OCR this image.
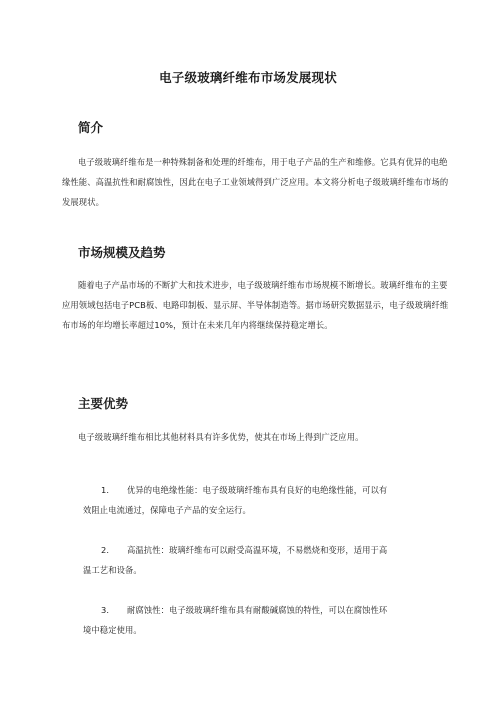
电子级玻璃纤维布市场发展现状
简介

电子级玻璃纤维布是一种特殊制备和处理的纤维布，用于电子产品的生产和维修。它具有优异的电绝缘性能、高温抗性和耐腐蚀性，因此在电子工业领域得到广泛应用。本文将分析电子级玻璃纤维布市场的发展现状。

市场规模及趋势

随着电子产品市场的不断扩大和技术进步，电子级玻璃纤维布市场规模不断增长。玻璃纤维布的主要应用领域包括电子PCB板、电路印制板、显示屏、半导体制造等。据市场研究数据显示，电子级玻璃纤维布市场的年均增长率超过10%，预计在未来几年内将继续保持稳定增长。

主要优势

电子级玻璃纤维布相比其他材料具有许多优势，使其在市场上得到广泛应用。

1. 优异的电绝缘性能：电子级玻璃纤维布具有良好的电绝缘性能，可以有
效阻止电流通过，保障电子产品的安全运行。
2. 高温抗性：玻璃纤维布可以耐受高温环境，不易燃烧和变形，适用于高
温工艺和设备。
3. 耐腐蚀性：电子级玻璃纤维布具有耐酸碱腐蚀的特性，可以在腐蚀性环
境中稳定使用。
